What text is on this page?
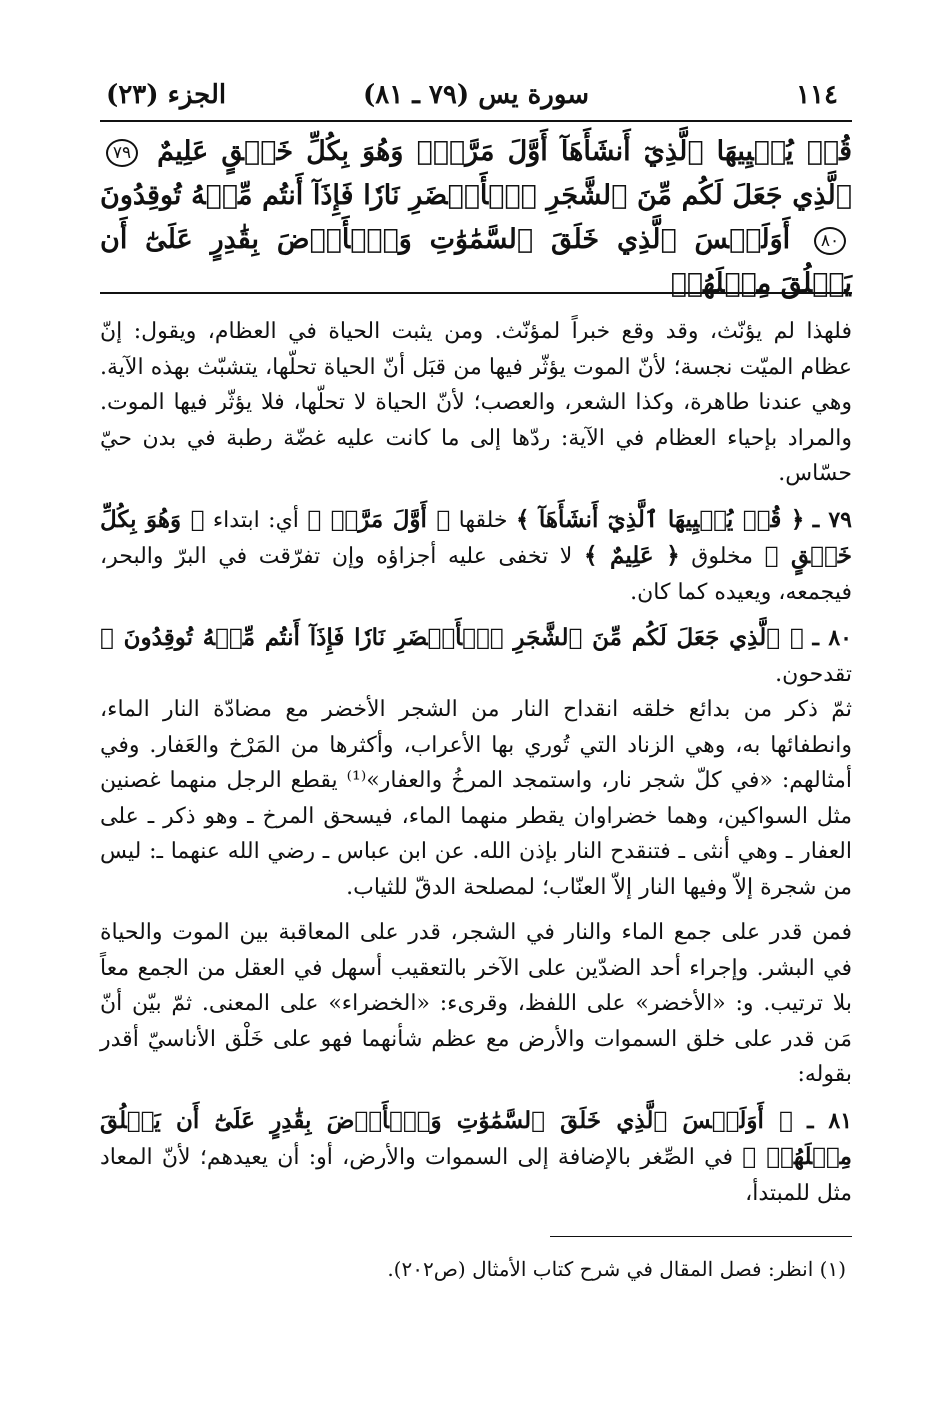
١١٤
سورة يس (٧٩ ـ ٨١)
الجزء (٢٣)
قُلۡ يُحۡيِيهَا ٱلَّذِيٓ أَنشَأَهَآ أَوَّلَ مَرَّةٖۖ وَهُوَ بِكُلِّ خَلۡقٍ عَلِيمٌ ٧٩ ٱلَّذِي جَعَلَ لَكُم مِّنَ ٱلشَّجَرِ ٱلۡأَخۡضَرِ نَارٗا فَإِذَآ أَنتُم مِّنۡهُ تُوقِدُونَ ٨٠ أَوَلَيۡسَ ٱلَّذِي خَلَقَ ٱلسَّمَٰوَٰتِ وَٱلۡأَرۡضَ بِقَٰدِرٍ عَلَىٰٓ أَن يَخۡلُقَ مِثۡلَهُمۚ

فلهذا لم يؤنّث، وقد وقع خبراً لمؤنّث. ومن يثبت الحياة في العظام، ويقول: إنّ عظام الميّت نجسة؛ لأنّ الموت يؤثّر فيها من قبَل أنّ الحياة تحلّها، يتشبّث بهذه الآية. وهي عندنا طاهرة، وكذا الشعر، والعصب؛ لأنّ الحياة لا تحلّها، فلا يؤثّر فيها الموت. والمراد بإحياء العظام في الآية: ردّها إلى ما كانت عليه غضّة رطبة في بدن حيّ حسّاس.

٧٩ ـ ﴿ قُلۡ يُحۡيِيهَا ٱلَّذِيٓ أَنشَأَهَآ ﴾ خلقها ﴿ أَوَّلَ مَرَّةٖ ﴾ أي: ابتداء ﴿ وَهُوَ بِكُلِّ خَلۡقٍ ﴾ مخلوق ﴿ عَلِيمٌ ﴾ لا تخفى عليه أجزاؤه وإن تفرّقت في البرّ والبحر، فيجمعه، ويعيده كما كان.

٨٠ ـ ﴿ ٱلَّذِي جَعَلَ لَكُم مِّنَ ٱلشَّجَرِ ٱلۡأَخۡضَرِ نَارٗا فَإِذَآ أَنتُم مِّنۡهُ تُوقِدُونَ ﴾ تقدحون.
ثمّ ذكر من بدائع خلقه انقداح النار من الشجر الأخضر مع مضادّة النار الماء، وانطفائها به، وهي الزناد التي تُوري بها الأعراب، وأكثرها من المَرْخ والعَفار. وفي أمثالهم: «في كلّ شجر نار، واستمجد المرخُ والعفار»⁽¹⁾ يقطع الرجل منهما غصنين مثل السواكين، وهما خضراوان يقطر منهما الماء، فيسحق المرخ ـ وهو ذكر ـ على العفار ـ وهي أنثى ـ فتنقدح النار بإذن الله. عن ابن عباس ـ رضي الله عنهما ـ: ليس من شجرة إلاّ وفيها النار إلاّ العنّاب؛ لمصلحة الدقّ للثياب.

فمن قدر على جمع الماء والنار في الشجر، قدر على المعاقبة بين الموت والحياة في البشر. وإجراء أحد الضدّين على الآخر بالتعقيب أسهل في العقل من الجمع معاً بلا ترتيب. و: «الأخضر» على اللفظ، وقرىء: «الخضراء» على المعنى. ثمّ بيّن أنّ مَن قدر على خلق السموات والأرض مع عظم شأنهما فهو على خَلْق الأناسيّ أقدر بقوله:

٨١ ـ ﴿ أَوَلَيۡسَ ٱلَّذِي خَلَقَ ٱلسَّمَٰوَٰتِ وَٱلۡأَرۡضَ بِقَٰدِرٍ عَلَىٰٓ أَن يَخۡلُقَ مِثۡلَهُمۚ ﴾ في الصِّغر بالإضافة إلى السموات والأرض، أو: أن يعيدهم؛ لأنّ المعاد مثل للمبتدأ،

(١) انظر: فصل المقال في شرح كتاب الأمثال (ص٢٠٢).
